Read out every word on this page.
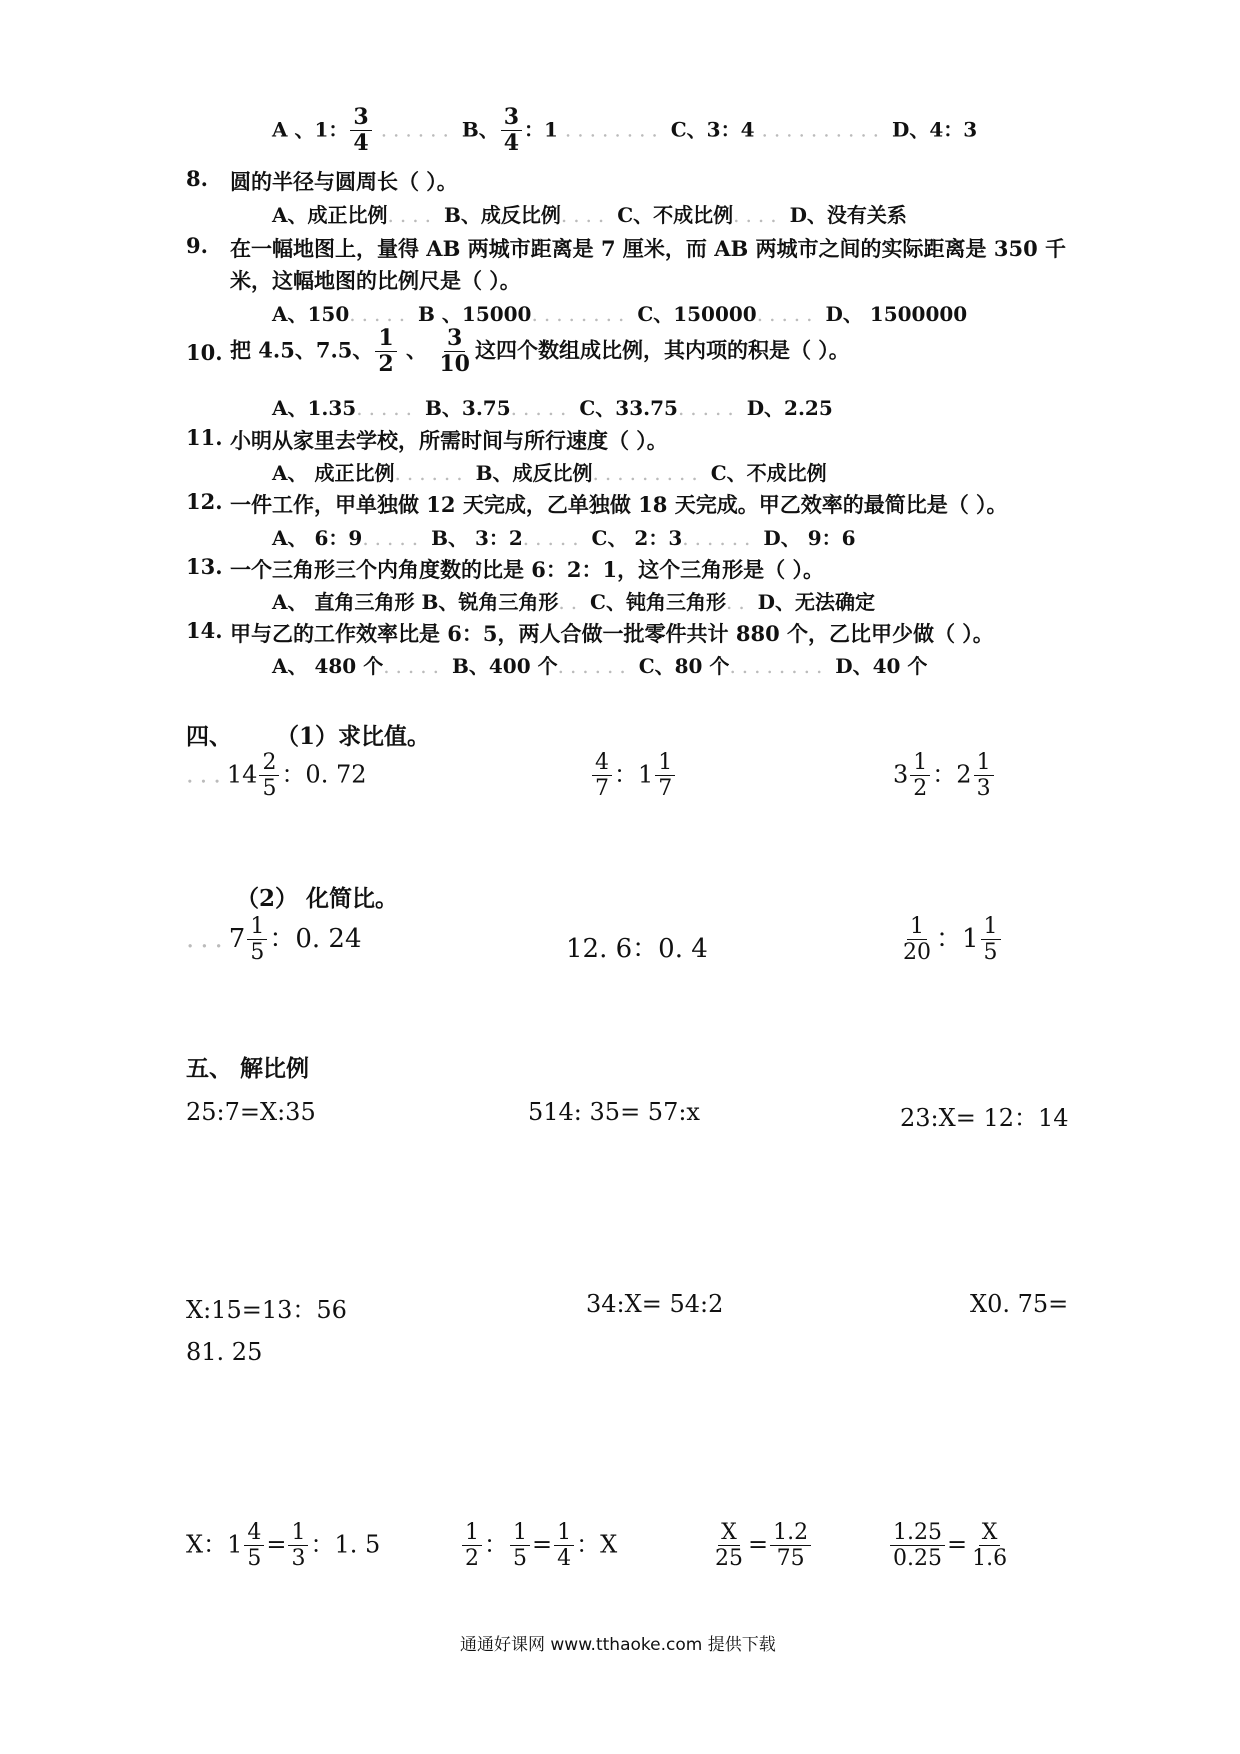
A 、1： $\frac{3}{4}$ ...... B、 $\frac{3}{4}$ ：1 ........ C、3：4 .......... D、4：3
8. 圆的半径与圆周长（ ）。
A、成正比例.... B、成反比例.... C、不成比例.... D、没有关系
9. 在一幅地图上，量得 AB 两城市距离是 7 厘米，而 AB 两城市之间的实际距离是 350 千
米，这幅地图的比例尺是（ ）。
A、150..... B 、15000........ C、150000..... D、 1500000
10. 把 4.5、7.5、 $\frac{1}{2}$ 、 $\frac{3}{10}$ 这四个数组成比例，其内项的积是（ ）。
A、1.35..... B、3.75..... C、33.75..... D、2.25
11. 小明从家里去学校，所需时间与所行速度（ ）。
A、 成正比例...... B、成反比例......... C、不成比例
12. 一件工作，甲单独做 12 天完成，乙单独做 18 天完成。甲乙效率的最简比是（ ）。
A、 6：9..... B、 3：2..... C、 2：3...... D、 9：6
13. 一个三角形三个内角度数的比是 6：2：1，这个三角形是（ ）。
A、 直角三角形 B、锐角三角形.. C、钝角三角形.. D、无法确定
14. 甲与乙的工作效率比是 6：5，两人合做一批零件共计 880 个，乙比甲少做（ ）。
A、 480 个..... B、400 个...... C、80 个........ D、40 个
四、 （1）求比值。
$...14 \frac{2}{5}$ ：0. 72	$\frac{4}{7}$ ：$1 \frac{1}{7}$	$3 \frac{1}{2}$ ：$2 \frac{1}{3}$
（2） 化简比。
$...7 \frac{1}{5}$ ：0. 24	12. 6：0. 4	$\frac{1}{20}$ ：$1 \frac{1}{5}$
五、 解比例
25:7=X:35	514: 35= 57:x	23:X= 12：14
X:15=13：56	34:X= 54:2	X0. 75=
81. 25
X：$1 \frac{4}{5} = \frac{1}{3}$ ：1. 5	$\frac{1}{2}$ ： $\frac{1}{5} = \frac{1}{4}$ ：X	$\frac{X}{25} = \frac{1.2}{75}$	$\frac{1.25}{0.25} = \frac{X}{1.6}$
通通好课网 www.tthaoke.com 提供下载
